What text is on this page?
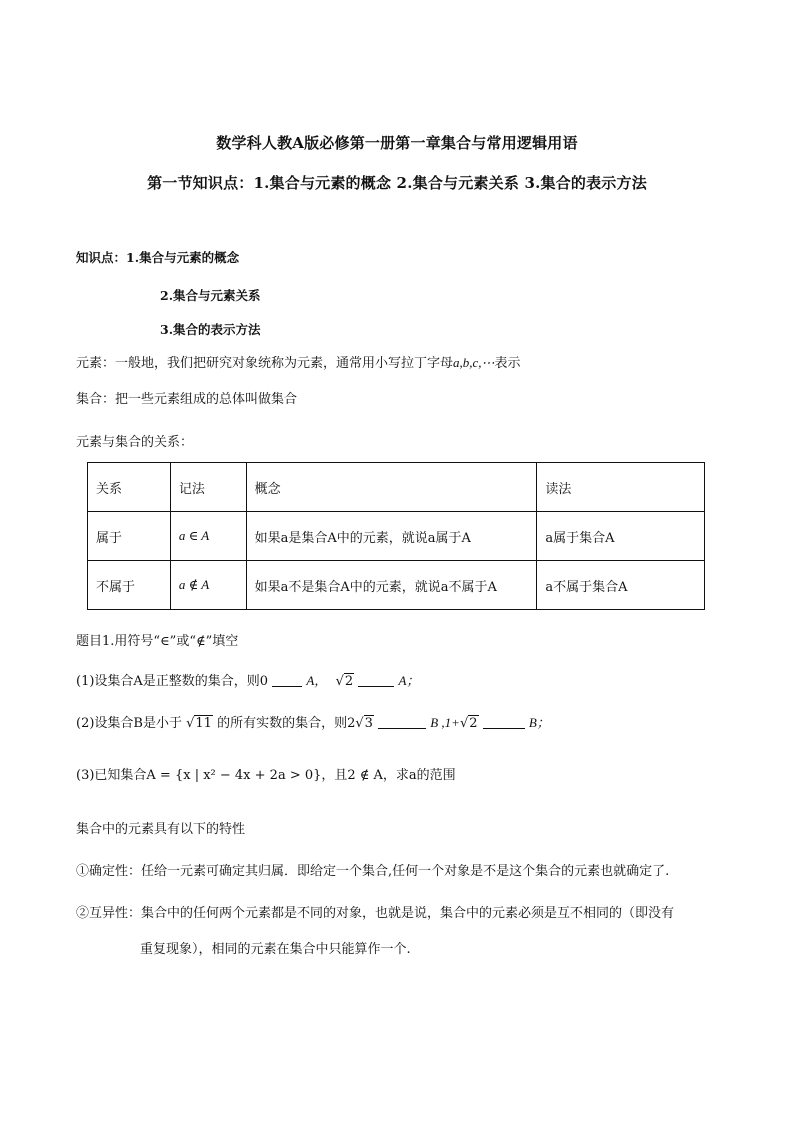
数学科人教A版必修第一册第一章集合与常用逻辑用语
第一节知识点：1.集合与元素的概念 2.集合与元素关系 3.集合的表示方法
知识点：1.集合与元素的概念
2.集合与元素关系
3.集合的表示方法
元素：一般地，我们把研究对象统称为元素，通常用小写拉丁字母a,b,c,⋯表示
集合：把一些元素组成的总体叫做集合
元素与集合的关系：
关系	记法	概念	读法
属于	a ∈ A	如果a是集合A中的元素，就说a属于A	a属于集合A
不属于	a ∉ A	如果a不是集合A中的元素，就说a不属于A	a不属于集合A
题目1.用符号“∈”或“∉”填空
(1)设集合A是正整数的集合，则0	A， √2	A；
(2)设集合B是小于 √11 的所有实数的集合，则2√3	B ,1+√2	B；
(3)已知集合A = {x | x² − 4x + 2a > 0}，且2 ∉ A，求a的范围
集合中的元素具有以下的特性
①确定性：任给一元素可确定其归属．即给定一个集合,任何一个对象是不是这个集合的元素也就确定了.
②互异性：集合中的任何两个元素都是不同的对象，也就是说，集合中的元素必须是互不相同的（即没有
重复现象），相同的元素在集合中只能算作一个.
